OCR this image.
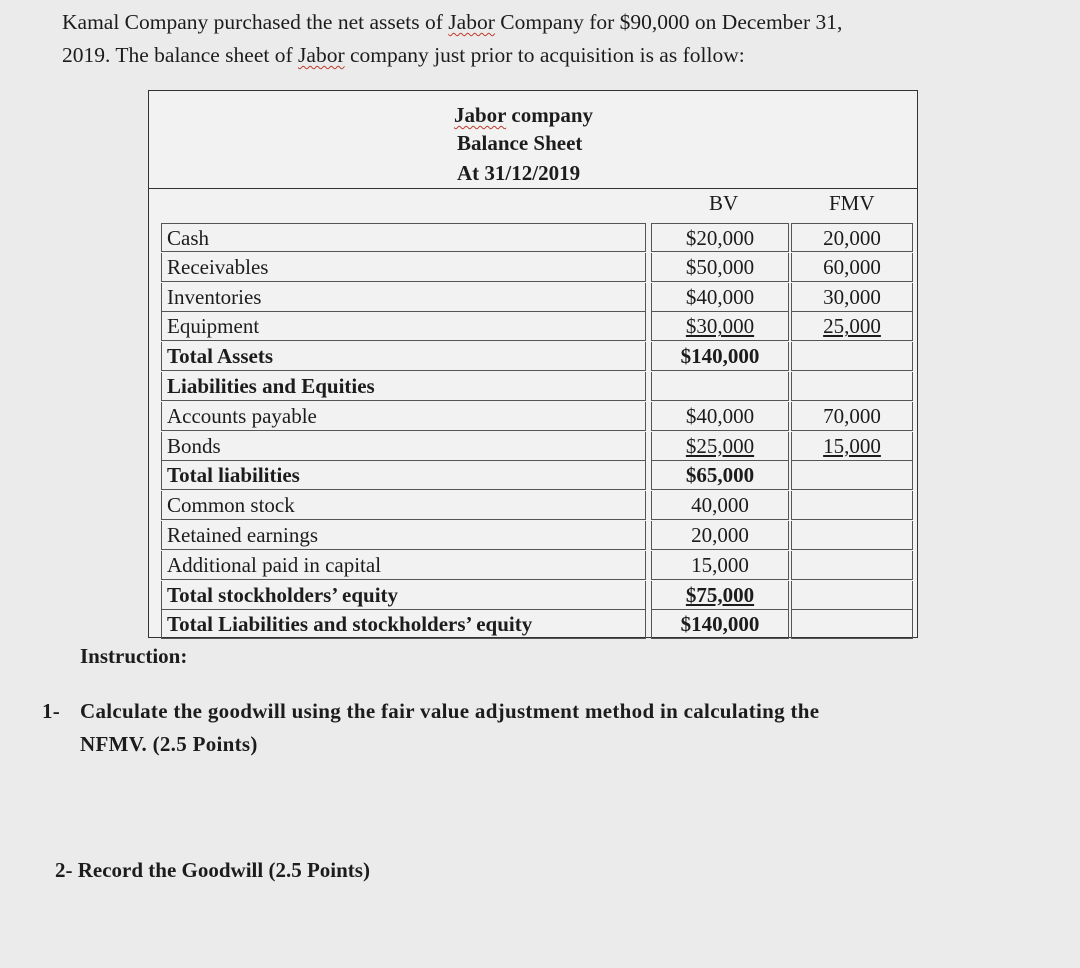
Kamal Company purchased the net assets of Jabor Company for $90,000 on December 31,
2019. The balance sheet of Jabor company just prior to acquisition is as follow:
Jabor company
Balance Sheet
At 31/12/2019
BV	FMV
Cash	$20,000	20,000
Receivables	$50,000	60,000
Inventories	$40,000	30,000
Equipment	$30,000	25,000
Total Assets	$140,000
Liabilities and Equities
Accounts payable	$40,000	70,000
Bonds	$25,000	15,000
Total liabilities	$65,000
Common stock	40,000
Retained earnings	20,000
Additional paid in capital	15,000
Total stockholders’ equity	$75,000
Total Liabilities and stockholders’ equity	$140,000
Instruction:
1- Calculate the goodwill using the fair value adjustment method in calculating the
NFMV. (2.5 Points)
2- Record the Goodwill (2.5 Points)
